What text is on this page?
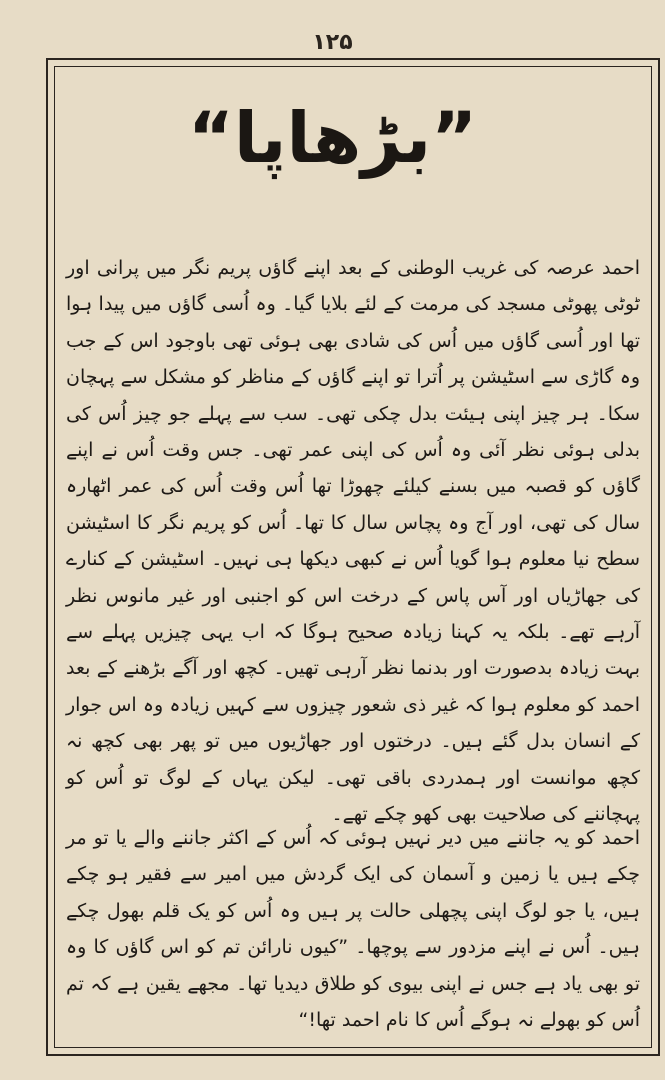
۱۲۵
”بڑھاپا“
احمد عرصہ کی غریب الوطنی کے بعد اپنے گاؤں پریم نگر میں پرانی اور ٹوٹی پھوٹی مسجد کی مرمت کے لئے بلایا گیا۔ وہ اُسی گاؤں میں پیدا ہوا تھا اور اُسی گاؤں میں اُس کی شادی بھی ہوئی تھی باوجود اس کے جب وہ گاڑی سے اسٹیشن پر اُترا تو اپنے گاؤں کے مناظر کو مشکل سے پہچان سکا۔ ہر چیز اپنی ہیئت بدل چکی تھی۔ سب سے پہلے جو چیز اُس کی بدلی ہوئی نظر آئی وہ اُس کی اپنی عمر تھی۔ جس وقت اُس نے اپنے گاؤں کو قصبہ میں بسنے کیلئے چھوڑا تھا اُس وقت اُس کی عمر اٹھارہ سال کی تھی، اور آج وہ پچاس سال کا تھا۔ اُس کو پریم نگر کا اسٹیشن سطح نیا معلوم ہوا گویا اُس نے کبھی دیکھا ہی نہیں۔ اسٹیشن کے کنارے کی جھاڑیاں اور آس پاس کے درخت اس کو اجنبی اور غیر مانوس نظر آرہے تھے۔ بلکہ یہ کہنا زیادہ صحیح ہوگا کہ اب یہی چیزیں پہلے سے بہت زیادہ بدصورت اور بدنما نظر آرہی تھیں۔ کچھ اور آگے بڑھنے کے بعد احمد کو معلوم ہوا کہ غیر ذی شعور چیزوں سے کہیں زیادہ وہ اس جوار کے انسان بدل گئے ہیں۔ درختوں اور جھاڑیوں میں تو پھر بھی کچھ نہ کچھ موانست اور ہمدردی باقی تھی۔ لیکن یہاں کے لوگ تو اُس کو پہچاننے کی صلاحیت بھی کھو چکے تھے۔
احمد کو یہ جاننے میں دیر نہیں ہوئی کہ اُس کے اکثر جاننے والے یا تو مر چکے ہیں یا زمین و آسمان کی ایک گردش میں امیر سے فقیر ہو چکے ہیں، یا جو لوگ اپنی پچھلی حالت پر ہیں وہ اُس کو یک قلم بھول چکے ہیں۔ اُس نے اپنے مزدور سے پوچھا۔ ”کیوں نارائن تم کو اس گاؤں کا وہ تو بھی یاد ہے جس نے اپنی بیوی کو طلاق دیدیا تھا۔ مجھے یقین ہے کہ تم اُس کو بھولے نہ ہوگے اُس کا نام احمد تھا!“
